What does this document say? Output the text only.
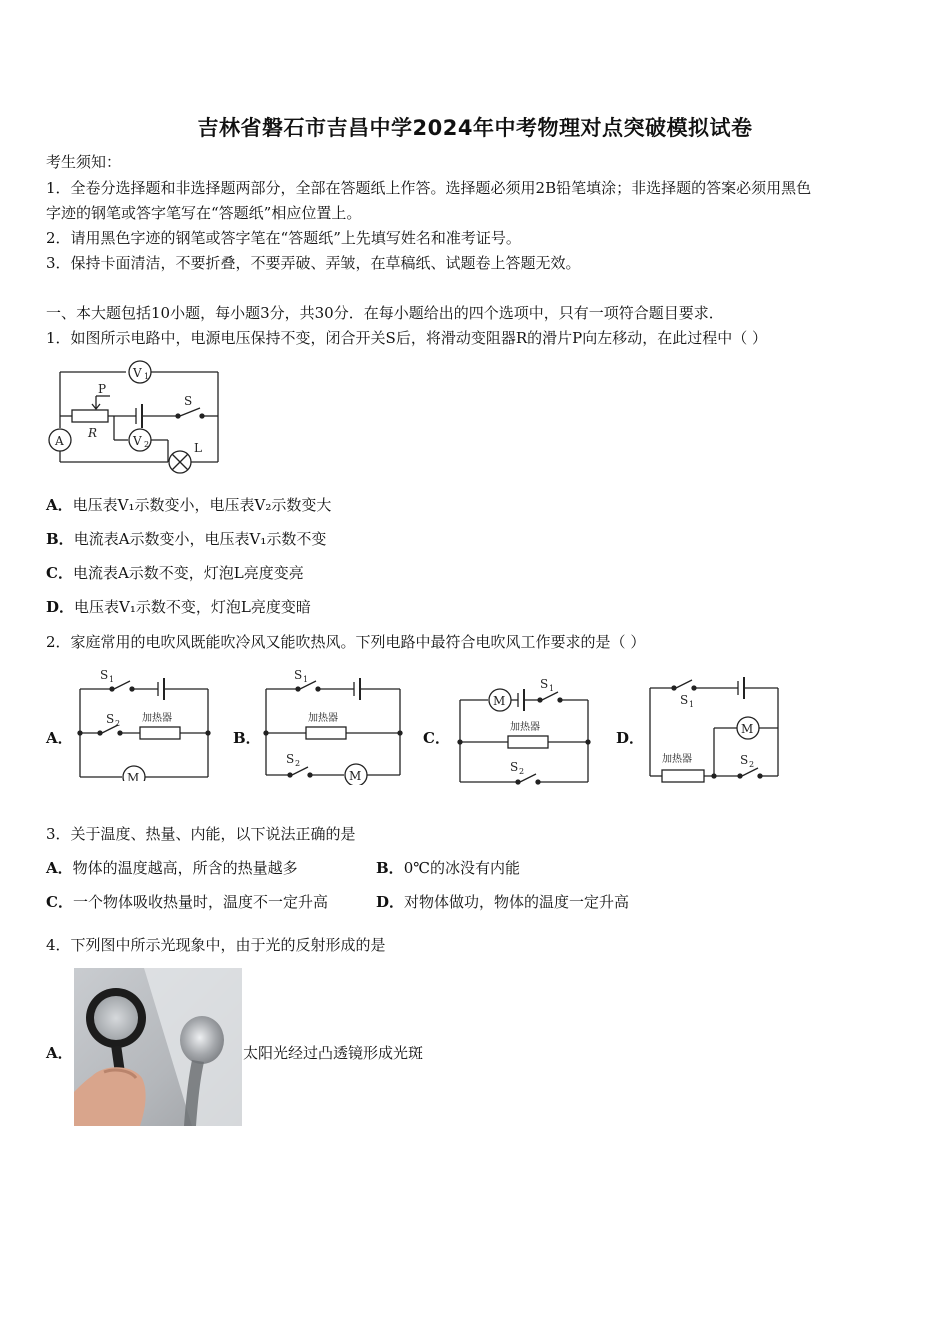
吉林省磐石市吉昌中学2024年中考物理对点突破模拟试卷
考生须知：
1．全卷分选择题和非选择题两部分，全部在答题纸上作答。选择题必须用2B铅笔填涂；非选择题的答案必须用黑色
字迹的钢笔或答字笔写在“答题纸”相应位置上。
2．请用黑色字迹的钢笔或答字笔在“答题纸”上先填写姓名和准考证号。
3．保持卡面清洁，不要折叠，不要弄破、弄皱，在草稿纸、试题卷上答题无效。
一、本大题包括10小题，每小题3分，共30分．在每小题给出的四个选项中，只有一项符合题目要求．
1．如图所示电路中，电源电压保持不变，闭合开关S后，将滑动变阻器R的滑片P向左移动，在此过程中（ ）
V 1
P
R
S
A	V 2	L
A．电压表V₁示数变小，电压表V₂示数变大
B．电流表A示数变小，电压表V₁示数不变
C．电流表A示数不变，灯泡L亮度变亮
D．电压表V₁示数不变，灯泡L亮度变暗
2．家庭常用的电吹风既能吹冷风又能吹热风。下列电路中最符合电吹风工作要求的是（ ）
A．	B．	C．	D．
S 1
S 2 加热器
M
S 1
加热器
M
S 2
M
S 1
加热器
S 2
S 1
M
加热器	S 2
3．关于温度、热量、内能，以下说法正确的是
A．物体的温度越高，所含的热量越多	B．0℃的冰没有内能
C．一个物体吸收热量时，温度不一定升高	D．对物体做功，物体的温度一定升高
4．下列图中所示光现象中，由于光的反射形成的是
A．	太阳光经过凸透镜形成光斑
